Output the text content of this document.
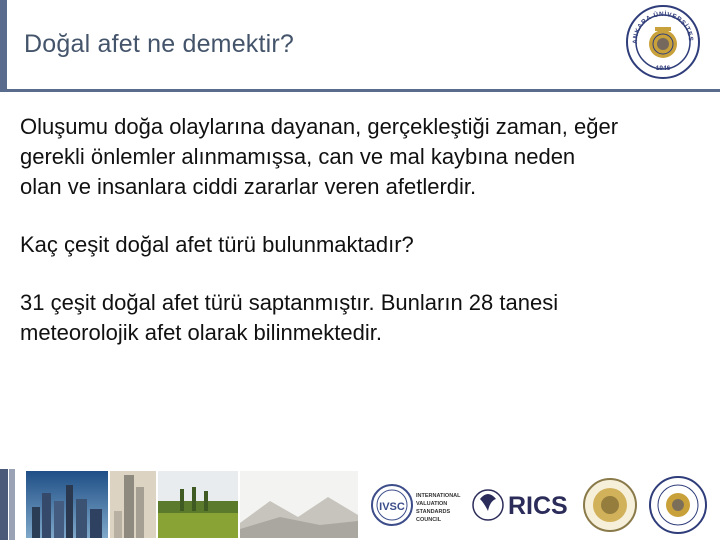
Doğal afet ne demektir?	ANKARA ÜNİVERSİTES
1946

Oluşumu doğa olaylarına dayanan, gerçekleştiği zaman, eğer gerekli önlemler alınmamışsa, can ve mal kaybına neden olan ve insanlara ciddi zararlar veren afetlerdir.

Kaç çeşit doğal afet türü bulunmaktadır?

31 çeşit doğal afet türü saptanmıştır. Bunların 28 tanesi meteorolojik afet olarak bilinmektedir.

IVSC
INTERNATIONAL
VALUATION
STANDARDS
COUNCIL	RICS
